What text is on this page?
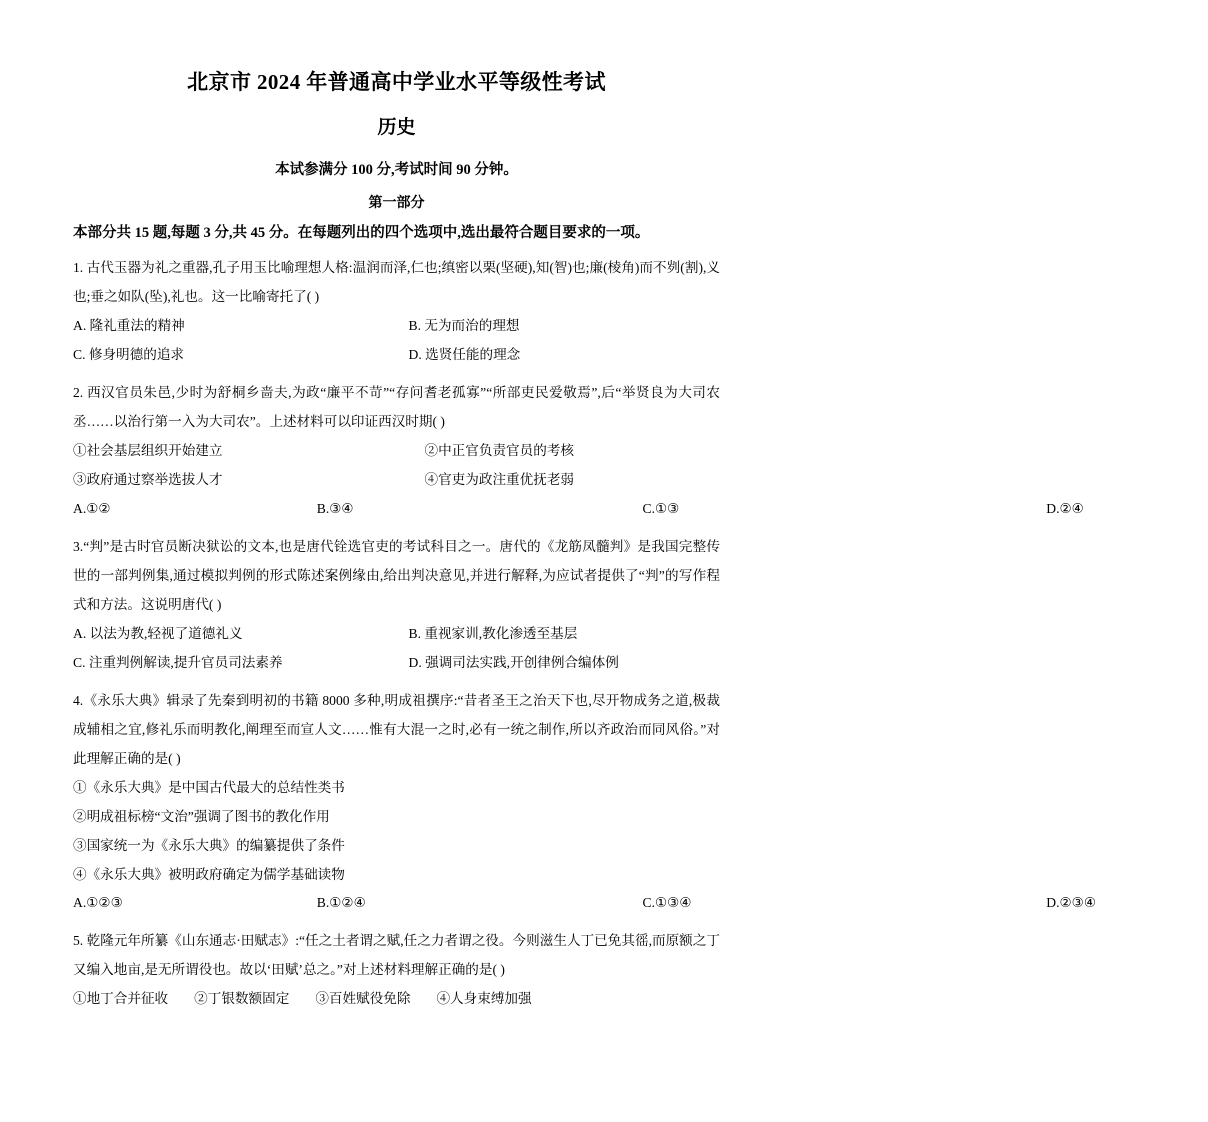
北京市 2024 年普通高中学业水平等级性考试
历史
本试参满分 100 分,考试时间 90 分钟。
第一部分
本部分共 15 题,每题 3 分,共 45 分。在每题列出的四个选项中,选出最符合题目要求的一项。
1. 古代玉器为礼之重器,孔子用玉比喻理想人格:温润而泽,仁也;缜密以栗(坚硬),知(智)也;廉(棱角)而不刿(割),义也;垂之如队(坠),礼也。这一比喻寄托了( )
A. 隆礼重法的精神	B. 无为而治的理想
C. 修身明德的追求	D. 选贤任能的理念
2. 西汉官员朱邑,少时为舒桐乡啬夫,为政“廉平不苛”“存问耆老孤寡”“所部吏民爱敬焉”,后“举贤良为大司农丞……以治行第一入为大司农”。上述材料可以印证西汉时期( )
①社会基层组织开始建立	②中正官负责官员的考核
③政府通过察举选拔人才	④官吏为政注重优抚老弱
A.①②	B.③④	C.①③	D.②④
3.“判”是古时官员断决狱讼的文本,也是唐代铨选官吏的考试科目之一。唐代的《龙筋凤髓判》是我国完整传世的一部判例集,通过模拟判例的形式陈述案例缘由,给出判决意见,并进行解释,为应试者提供了“判”的写作程式和方法。这说明唐代( )
A. 以法为教,轻视了道德礼义	B. 重视家训,教化渗透至基层
C. 注重判例解读,提升官员司法素养	D. 强调司法实践,开创律例合编体例
4.《永乐大典》辑录了先秦到明初的书籍 8000 多种,明成祖撰序:“昔者圣王之治天下也,尽开物成务之道,极裁成辅相之宜,修礼乐而明教化,阐理至而宣人文……惟有大混一之时,必有一统之制作,所以齐政治而同风俗。”对此理解正确的是( )
①《永乐大典》是中国古代最大的总结性类书
②明成祖标榜“文治”强调了图书的教化作用
③国家统一为《永乐大典》的编纂提供了条件
④《永乐大典》被明政府确定为儒学基础读物
A.①②③	B.①②④	C.①③④	D.②③④
5. 乾隆元年所纂《山东通志·田赋志》:“任之土者谓之赋,任之力者谓之役。今则滋生人丁已免其徭,而原额之丁又编入地亩,是无所谓役也。故以‘田赋’总之。”对上述材料理解正确的是( )
①地丁合并征收 ②丁银数额固定 ③百姓赋役免除 ④人身束缚加强
